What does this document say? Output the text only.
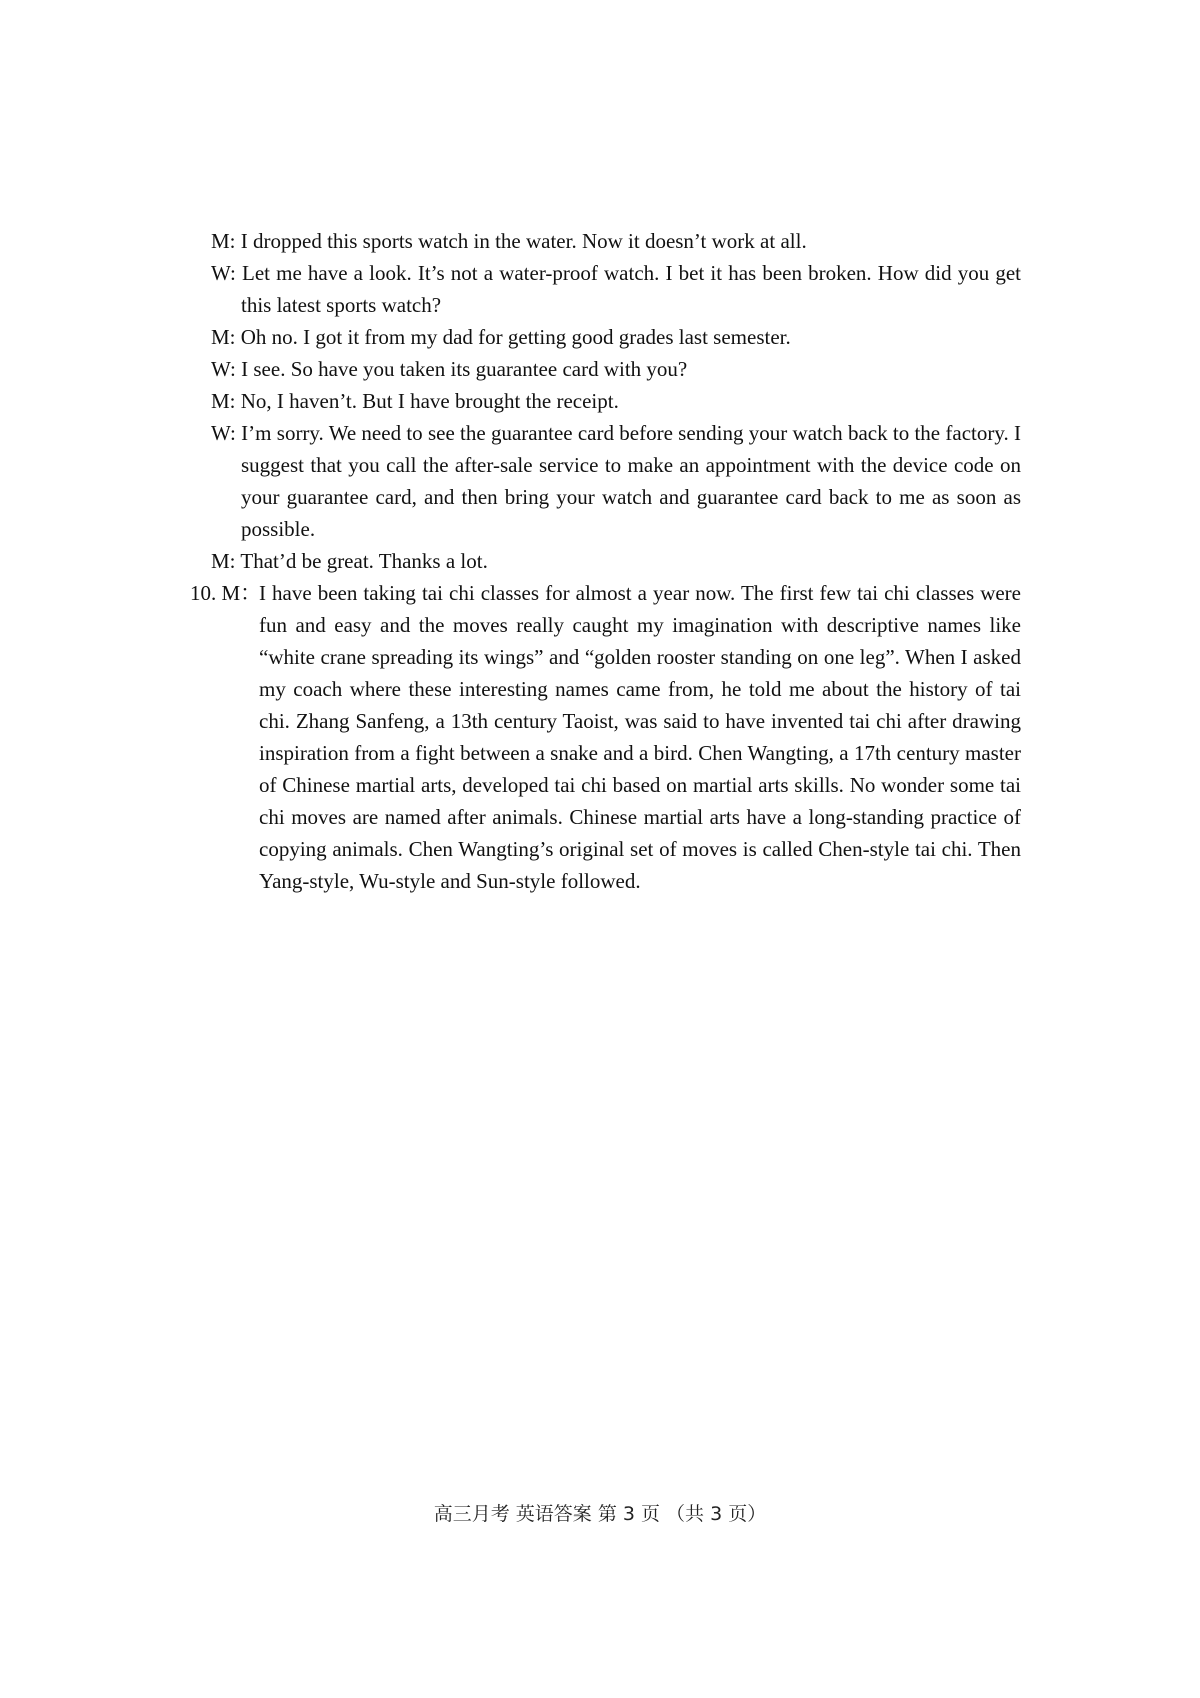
M: I dropped this sports watch in the water. Now it doesn’t work at all.

W: Let me have a look. It’s not a water-proof watch. I bet it has been broken. How did you get this latest sports watch?

M: Oh no. I got it from my dad for getting good grades last semester.

W: I see. So have you taken its guarantee card with you?

M: No, I haven’t. But I have brought the receipt.

W: I’m sorry. We need to see the guarantee card before sending your watch back to the factory. I suggest that you call the after-sale service to make an appointment with the device code on your guarantee card, and then bring your watch and guarantee card back to me as soon as possible.

M: That’d be great. Thanks a lot.

10. M：
I have been taking tai chi classes for almost a year now. The first few tai chi classes were fun and easy and the moves really caught my imagination with descriptive names like “white crane spreading its wings” and “golden rooster standing on one leg”. When I asked my coach where these interesting names came from, he told me about the history of tai chi. Zhang Sanfeng, a 13th century Taoist, was said to have invented tai chi after drawing inspiration from a fight between a snake and a bird. Chen Wangting, a 17th century master of Chinese martial arts, developed tai chi based on martial arts skills. No wonder some tai chi moves are named after animals. Chinese martial arts have a long-standing practice of copying animals. Chen Wangting’s original set of moves is called Chen-style tai chi. Then Yang-style, Wu-style and Sun-style followed.
高三月考 英语答案 第 3 页 （共 3 页）
